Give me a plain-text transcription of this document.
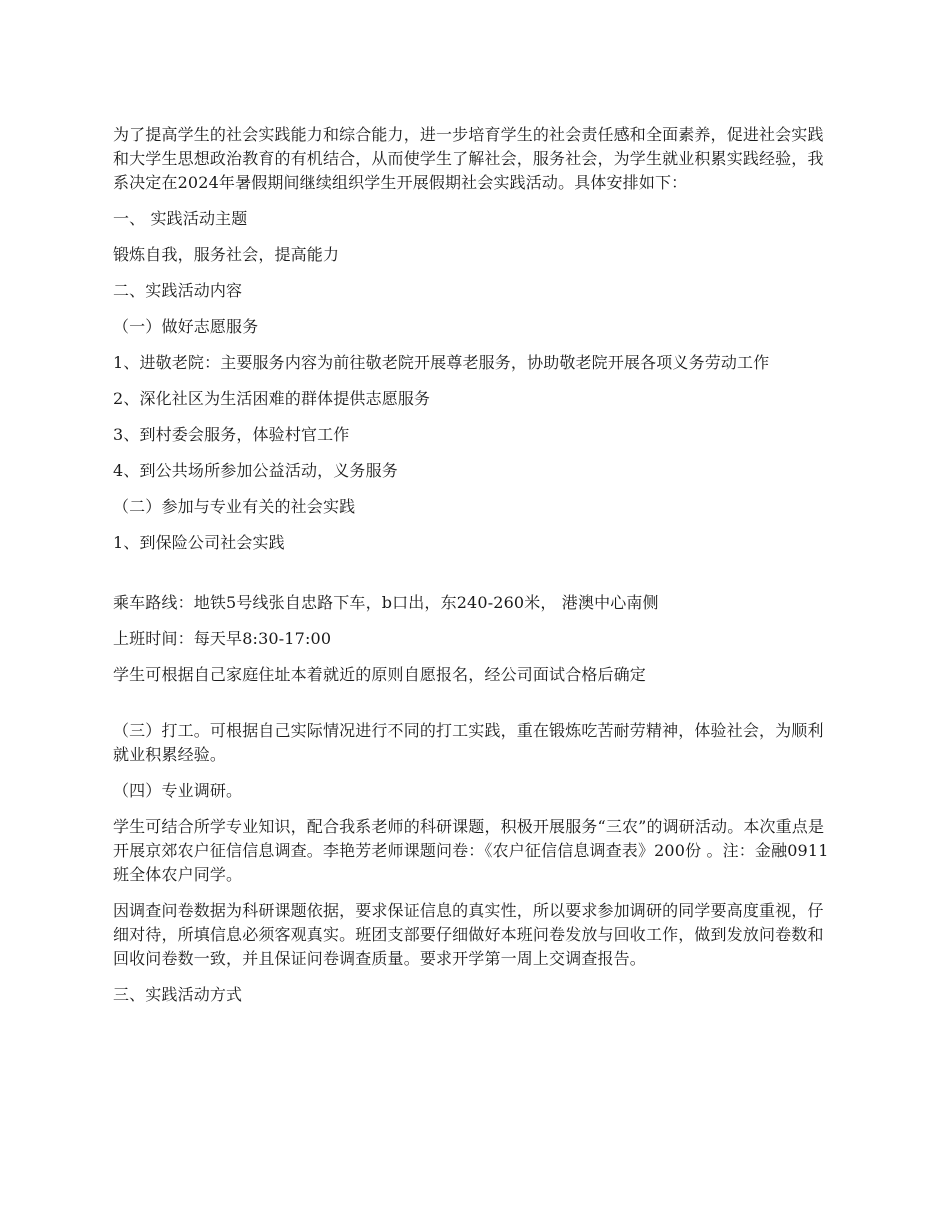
为了提高学生的社会实践能力和综合能力，进一步培育学生的社会责任感和全面素养，促进社会实践和大学生思想政治教育的有机结合，从而使学生了解社会，服务社会，为学生就业积累实践经验，我系决定在2024年暑假期间继续组织学生开展假期社会实践活动。具体安排如下：

一、 实践活动主题

锻炼自我，服务社会，提高能力

二、实践活动内容

（一）做好志愿服务

1、进敬老院：主要服务内容为前往敬老院开展尊老服务，协助敬老院开展各项义务劳动工作

2、深化社区为生活困难的群体提供志愿服务

3、到村委会服务，体验村官工作

4、到公共场所参加公益活动，义务服务

（二）参加与专业有关的社会实践

1、到保险公司社会实践

乘车路线：地铁5号线张自忠路下车，b口出，东240-260米， 港澳中心南侧

上班时间：每天早8:30-17:00

学生可根据自己家庭住址本着就近的原则自愿报名，经公司面试合格后确定

（三）打工。可根据自己实际情况进行不同的打工实践，重在锻炼吃苦耐劳精神，体验社会，为顺利就业积累经验。

（四）专业调研。

学生可结合所学专业知识，配合我系老师的科研课题，积极开展服务“三农”的调研活动。本次重点是开展京郊农户征信信息调查。李艳芳老师课题问卷：《农户征信信息调查表》200份 。注：金融0911班全体农户同学。

因调查问卷数据为科研课题依据，要求保证信息的真实性，所以要求参加调研的同学要高度重视，仔细对待，所填信息必须客观真实。班团支部要仔细做好本班问卷发放与回收工作，做到发放问卷数和回收问卷数一致，并且保证问卷调查质量。要求开学第一周上交调查报告。

三、实践活动方式
